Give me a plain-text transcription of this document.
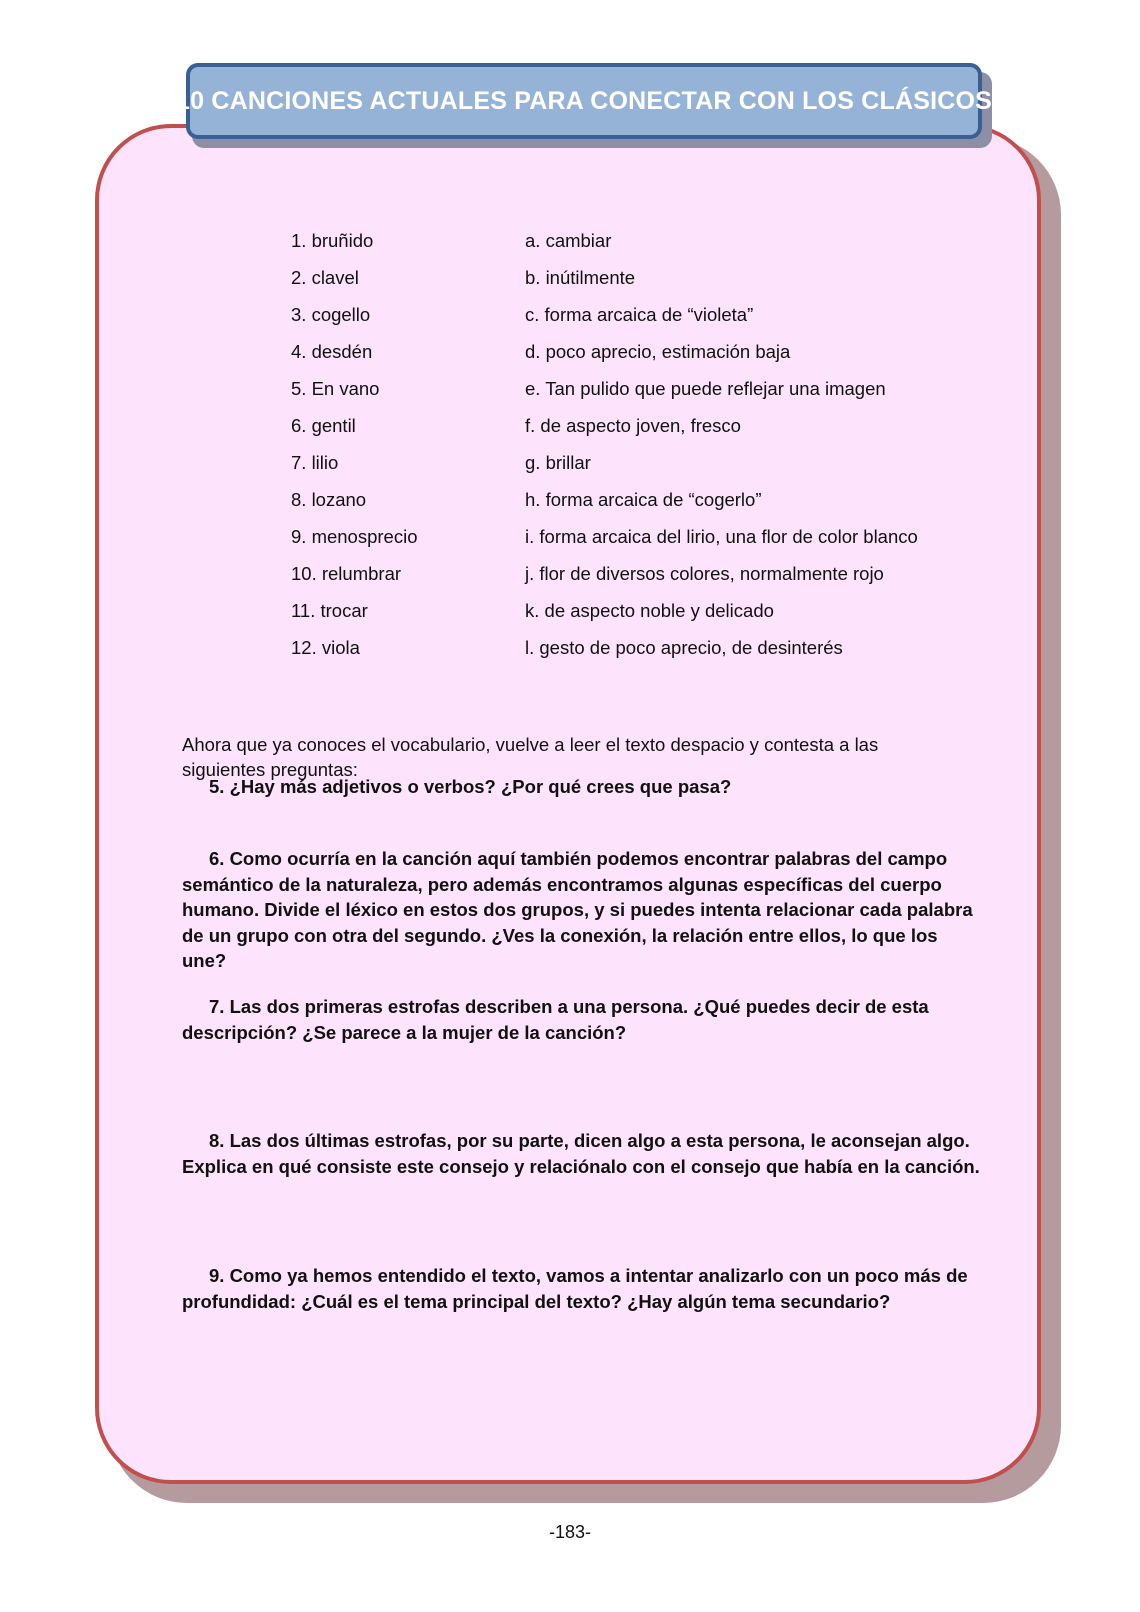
10 CANCIONES ACTUALES PARA CONECTAR CON LOS CLÁSICOS
1. bruñido	a. cambiar
2. clavel	b. inútilmente
3. cogello	c. forma arcaica de “violeta”
4. desdén	d. poco aprecio, estimación baja
5. En vano	e. Tan pulido que puede reflejar una imagen
6. gentil	f. de aspecto joven, fresco
7. lilio	g. brillar
8. lozano	h. forma arcaica de “cogerlo”
9. menosprecio	i. forma arcaica del lirio, una flor de color blanco
10. relumbrar	j. flor de diversos colores, normalmente rojo
11. trocar	k. de aspecto noble y delicado
12. viola	l. gesto de poco aprecio, de desinterés

Ahora que ya conoces el vocabulario, vuelve a leer el texto despacio y contesta a las siguientes preguntas:

5. ¿Hay más adjetivos o verbos? ¿Por qué crees que pasa?

6. Como ocurría en la canción aquí también podemos encontrar palabras del campo semántico de la naturaleza, pero además encontramos algunas específicas del cuerpo humano. Divide el léxico en estos dos grupos, y si puedes intenta relacionar cada palabra de un grupo con otra del segundo. ¿Ves la conexión, la relación entre ellos, lo que los une?

7. Las dos primeras estrofas describen a una persona. ¿Qué puedes decir de esta descripción? ¿Se parece a la mujer de la canción?

8. Las dos últimas estrofas, por su parte, dicen algo a esta persona, le aconsejan algo. Explica en qué consiste este consejo y relaciónalo con el consejo que había en la canción.

9. Como ya hemos entendido el texto, vamos a intentar analizarlo con un poco más de profundidad: ¿Cuál es el tema principal del texto? ¿Hay algún tema secundario?

-183-
